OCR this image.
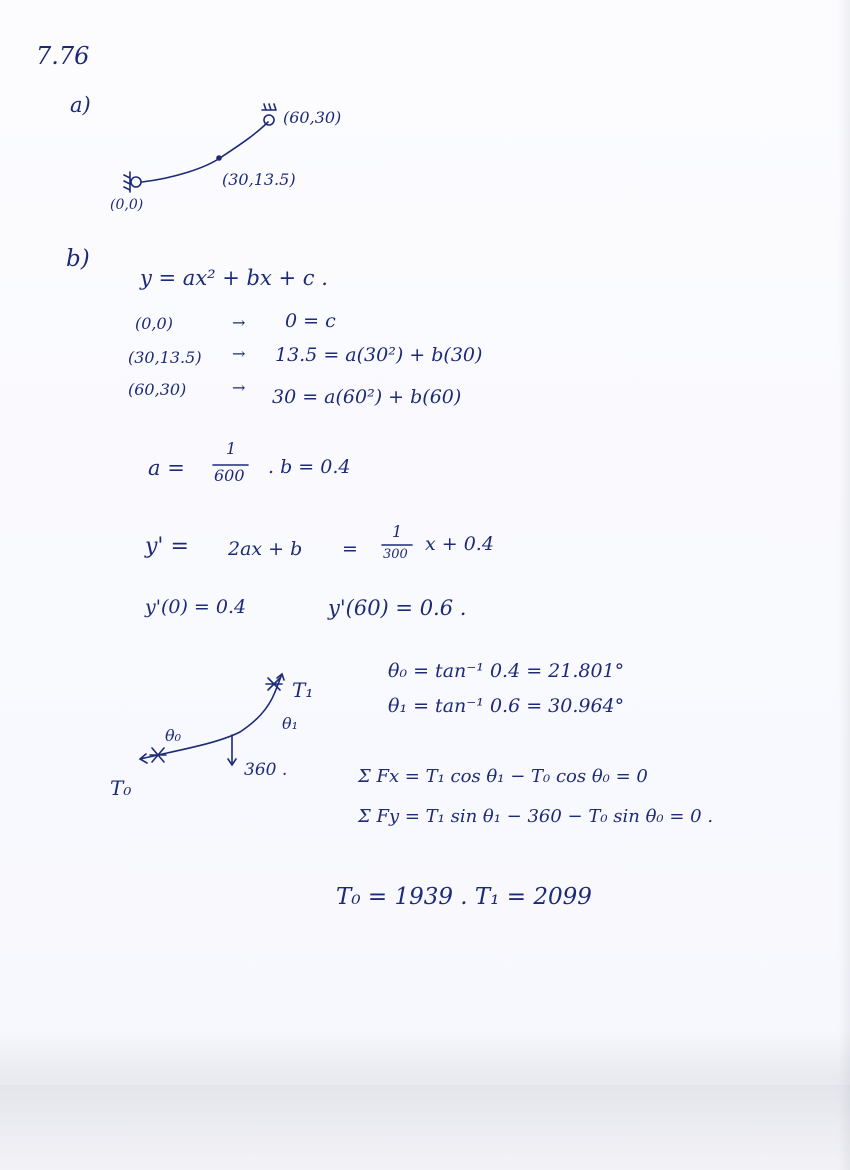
7.76
a)
(60,30)
(30,13.5)
(0,0)
b)
y = ax² + bx + c .
(0,0)	→ 0 = c
(30,13.5) → 13.5 = a(30²) + b(30)
(60,30)	→ 30 = a(60²) + b(60)
a =
1
600 . b = 0.4
y' = 2ax + b =
1
300 x + 0.4
y'(0) = 0.4	y'(60) = 0.6 .
T₁
θ₁
θ₀
360 .
T₀
θ₀ = tan⁻¹ 0.4 = 21.801°
θ₁ = tan⁻¹ 0.6 = 30.964°
Σ Fx = T₁ cos θ₁ − T₀ cos θ₀ = 0
Σ Fy = T₁ sin θ₁ − 360 − T₀ sin θ₀ = 0 .
T₀ = 1939 . T₁ = 2099
